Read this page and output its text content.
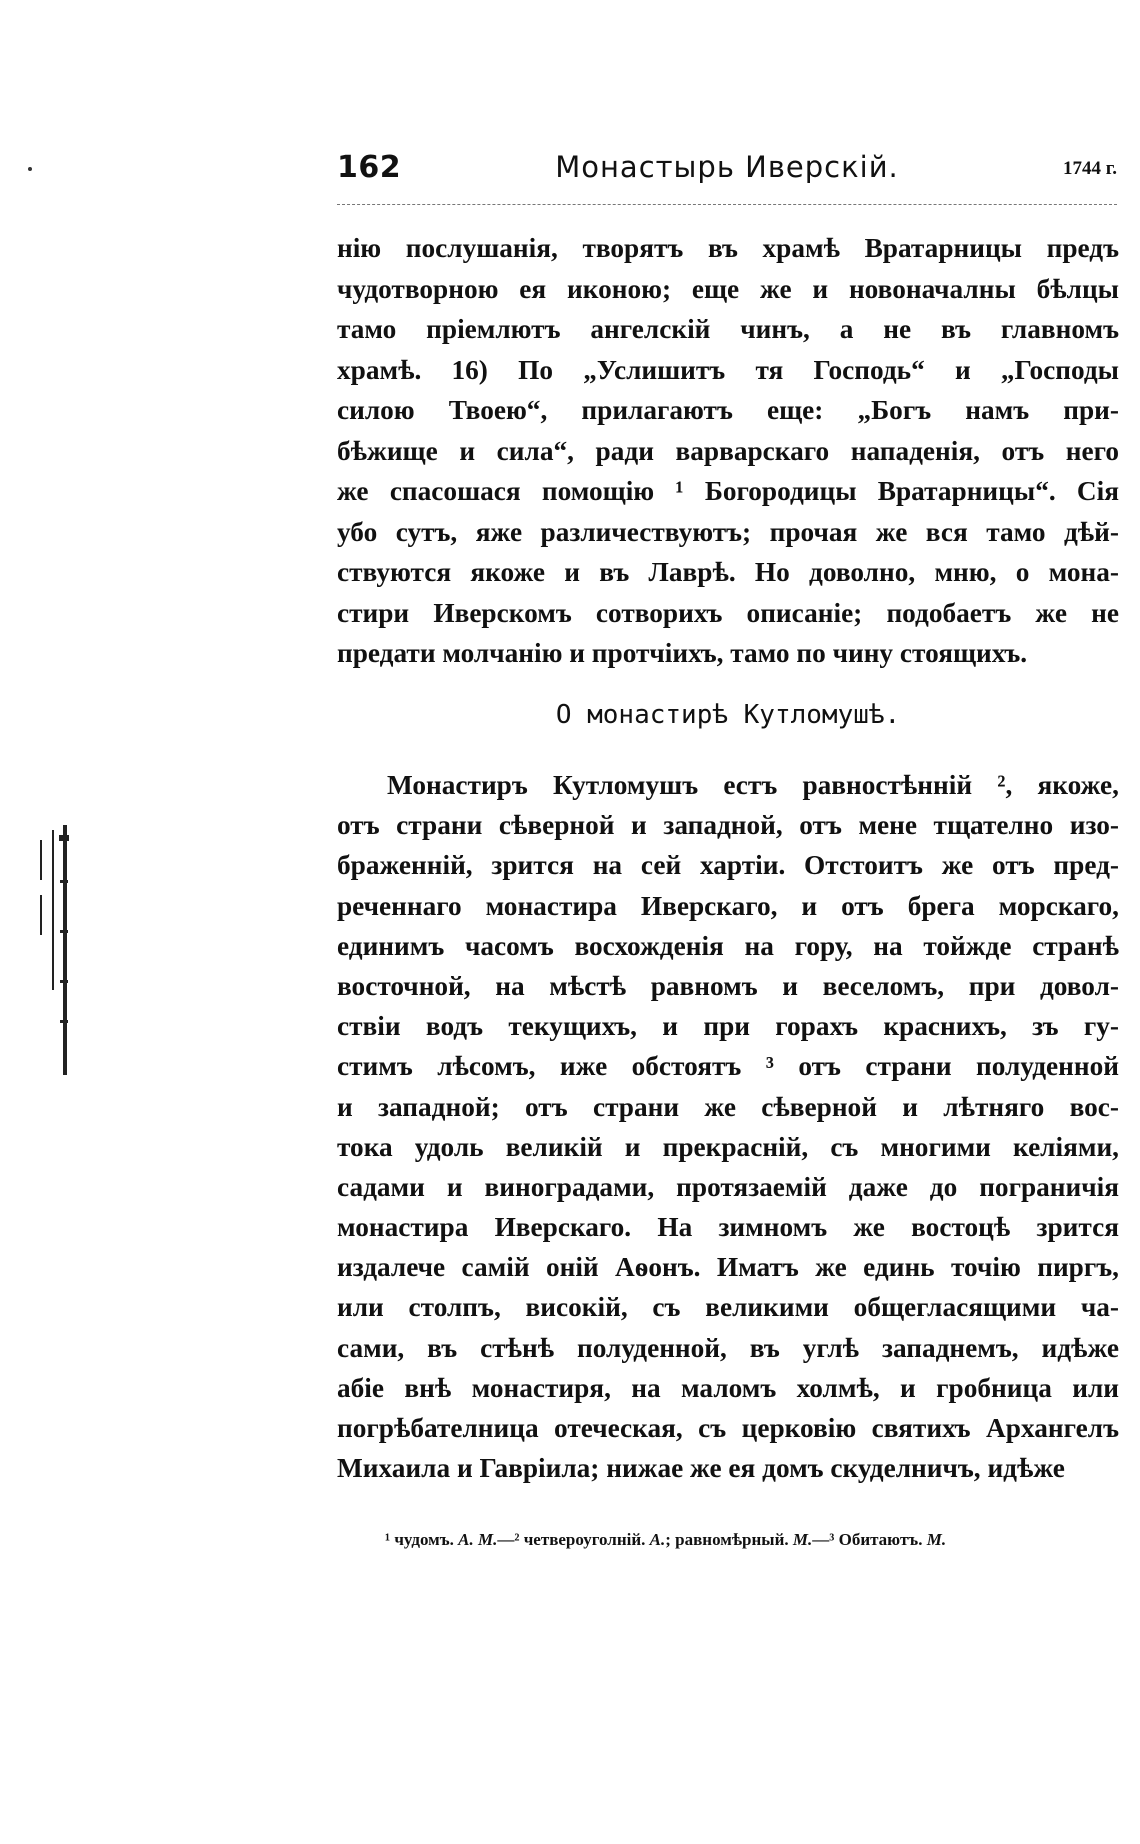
162	Монастырь Иверскій.	1744 г.
нію послушанія, творятъ въ храмѣ Вратарницы предъ
чудотворною ея иконою; еще же и новоначалны бѣлцы
тамо пріемлютъ ангелскій чинъ, а не въ главномъ
храмѣ. 16) По „Услишитъ тя Господь“ и „Господы
силою Твоею“, прилагаютъ еще: „Богъ намъ при-
бѣжище и сила“, ради варварскаго нападенія, отъ него
же спасошася помощію ¹ Богородицы Вратарницы“. Сія
убо сутъ, яже различествуютъ; прочая же вся тамо дѣй-
ствуются якоже и въ Лаврѣ. Но доволно, мню, о мона-
стири Иверскомъ сотворихъ описаніе; подобаетъ же не
предати молчанію и протчіихъ, тамо по чину стоящихъ.
О монастирѣ Кутломушѣ.
Монастиръ Кутломушъ естъ равностѣнній ², якоже,
отъ страни сѣверной и западной, отъ мене тщателно изо-
браженній, зрится на сей хартіи. Отстоитъ же отъ пред-
реченнаго монастира Иверскаго, и отъ брега морскаго,
единимъ часомъ восхожденія на гору, на тойжде странѣ
восточной, на мѣстѣ равномъ и веселомъ, при довол-
ствіи водъ текущихъ, и при горахъ краснихъ, зъ гу-
стимъ лѣсомъ, иже обстоятъ ³ отъ страни полуденной
и западной; отъ страни же сѣверной и лѣтняго вос-
тока удоль великій и прекрасній, съ многими келіями,
садами и виноградами, протязаемій даже до пограничія
монастира Иверскаго. На зимномъ же востоцѣ зрится
издалече самій оній Аѳонъ. Иматъ же единь точію пиргъ,
или столпъ, високій, съ великими общегласящими ча-
сами, въ стѣнѣ полуденной, въ углѣ западнемъ, идѣже
абіе внѣ монастиря, на маломъ холмѣ, и гробница или
погрѣбателница отеческая, съ церковію святихъ Архангелъ
Михаила и Гавріила; нижае же ея домъ скуделничъ, идѣже
¹ чудомъ. А. М.—² четвероуголній. А.; равномѣрный. М.—³ Обитаютъ. М.
